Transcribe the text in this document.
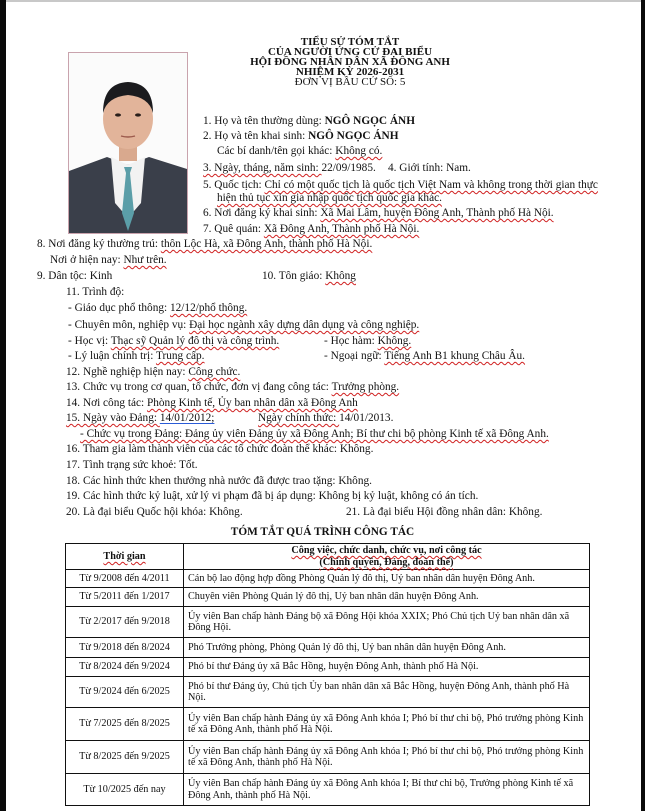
TIỂU SỬ TÓM TẮT
CỦA NGƯỜI ỨNG CỬ ĐẠI BIỂU
HỘI ĐỒNG NHÂN DÂN XÃ ĐÔNG ANH
NHIỆM KỲ 2026-2031
ĐƠN VỊ BẦU CỬ SỐ: 5
1. Họ và tên thường dùng: NGÔ NGỌC ÁNH
2. Họ và tên khai sinh: NGÔ NGỌC ÁNH
Các bí danh/tên gọi khác: Không có.
3. Ngày, tháng, năm sinh: 22/09/1985. 4. Giới tính: Nam.
5. Quốc tịch: Chỉ có một quốc tịch là quốc tịch Việt Nam và không trong thời gian thực
hiện thủ tục xin gia nhập quốc tịch quốc gia khác.
6. Nơi đăng ký khai sinh: Xã Mai Lâm, huyện Đông Anh, Thành phố Hà Nội.
7. Quê quán: Xã Đông Anh, Thành phố Hà Nội.
8. Nơi đăng ký thường trú: thôn Lộc Hà, xã Đông Anh, thành phố Hà Nội.
Nơi ở hiện nay: Như trên.
9. Dân tộc: Kinh	10. Tôn giáo: Không
11. Trình độ:
- Giáo dục phổ thông: 12/12/phổ thông.
- Chuyên môn, nghiệp vụ: Đại học ngành xây dựng dân dụng và công nghiệp.
- Học vị: Thạc sỹ Quản lý đô thị và công trình.	- Học hàm: Không.
- Lý luận chính trị: Trung cấp.	- Ngoại ngữ: Tiếng Anh B1 khung Châu Âu.
12. Nghề nghiệp hiện nay: Công chức.
13. Chức vụ trong cơ quan, tổ chức, đơn vị đang công tác: Trưởng phòng.
14. Nơi công tác: Phòng Kinh tế, Ủy ban nhân dân xã Đông Anh
15. Ngày vào Đảng: 14/01/2012;	Ngày chính thức: 14/01/2013.
- Chức vụ trong Đảng: Đảng ủy viên Đảng ủy xã Đông Anh; Bí thư chi bộ phòng Kinh tế xã Đông Anh.
16. Tham gia làm thành viên của các tổ chức đoàn thể khác: Không.
17. Tình trạng sức khoẻ: Tốt.
18. Các hình thức khen thưởng nhà nước đã được trao tặng: Không.
19. Các hình thức kỷ luật, xử lý vi phạm đã bị áp dụng: Không bị kỷ luật, không có án tích.
20. Là đại biểu Quốc hội khóa: Không.	21. Là đại biểu Hội đồng nhân dân: Không.
TÓM TẮT QUÁ TRÌNH CÔNG TÁC
Thời gian	Công việc, chức danh, chức vụ, nơi công tác
(Chính quyền, Đảng, đoàn thể)
Từ 9/2008 đến 4/2011	Cán bộ lao động hợp đồng Phòng Quản lý đô thị, Uỷ ban nhân dân huyện Đông Anh.
Từ 5/2011 đến 1/2017	Chuyên viên Phòng Quản lý đô thị, Uỷ ban nhân dân huyện Đông Anh.
Từ 2/2017 đến 9/2018	Ủy viên Ban chấp hành Đảng bộ xã Đông Hội khóa XXIX; Phó Chủ tịch Uỷ ban nhân dân xã Đông Hội.
Từ 9/2018 đến 8/2024	Phó Trưởng phòng, Phòng Quản lý đô thị, Uỷ ban nhân dân huyện Đông Anh.
Từ 8/2024 đến 9/2024	Phó bí thư Đảng ủy xã Bắc Hồng, huyện Đông Anh, thành phố Hà Nội.
Từ 9/2024 đến 6/2025	Phó bí thư Đảng ủy, Chủ tịch Ủy ban nhân dân xã Bắc Hồng, huyện Đông Anh, thành phố Hà Nội.
Từ 7/2025 đến 8/2025	Ủy viên Ban chấp hành Đảng ủy xã Đông Anh khóa I; Phó bí thư chi bộ, Phó trưởng phòng Kinh tế xã Đông Anh, thành phố Hà Nội.
Từ 8/2025 đến 9/2025	Ủy viên Ban chấp hành Đảng ủy xã Đông Anh khóa I; Phó bí thư chi bộ, Phó trưởng phòng Kinh tế xã Đông Anh, thành phố Hà Nội.
Từ 10/2025 đến nay	Ủy viên Ban chấp hành Đảng ủy xã Đông Anh khóa I; Bí thư chi bộ, Trưởng phòng Kinh tế xã Đông Anh, thành phố Hà Nội.
